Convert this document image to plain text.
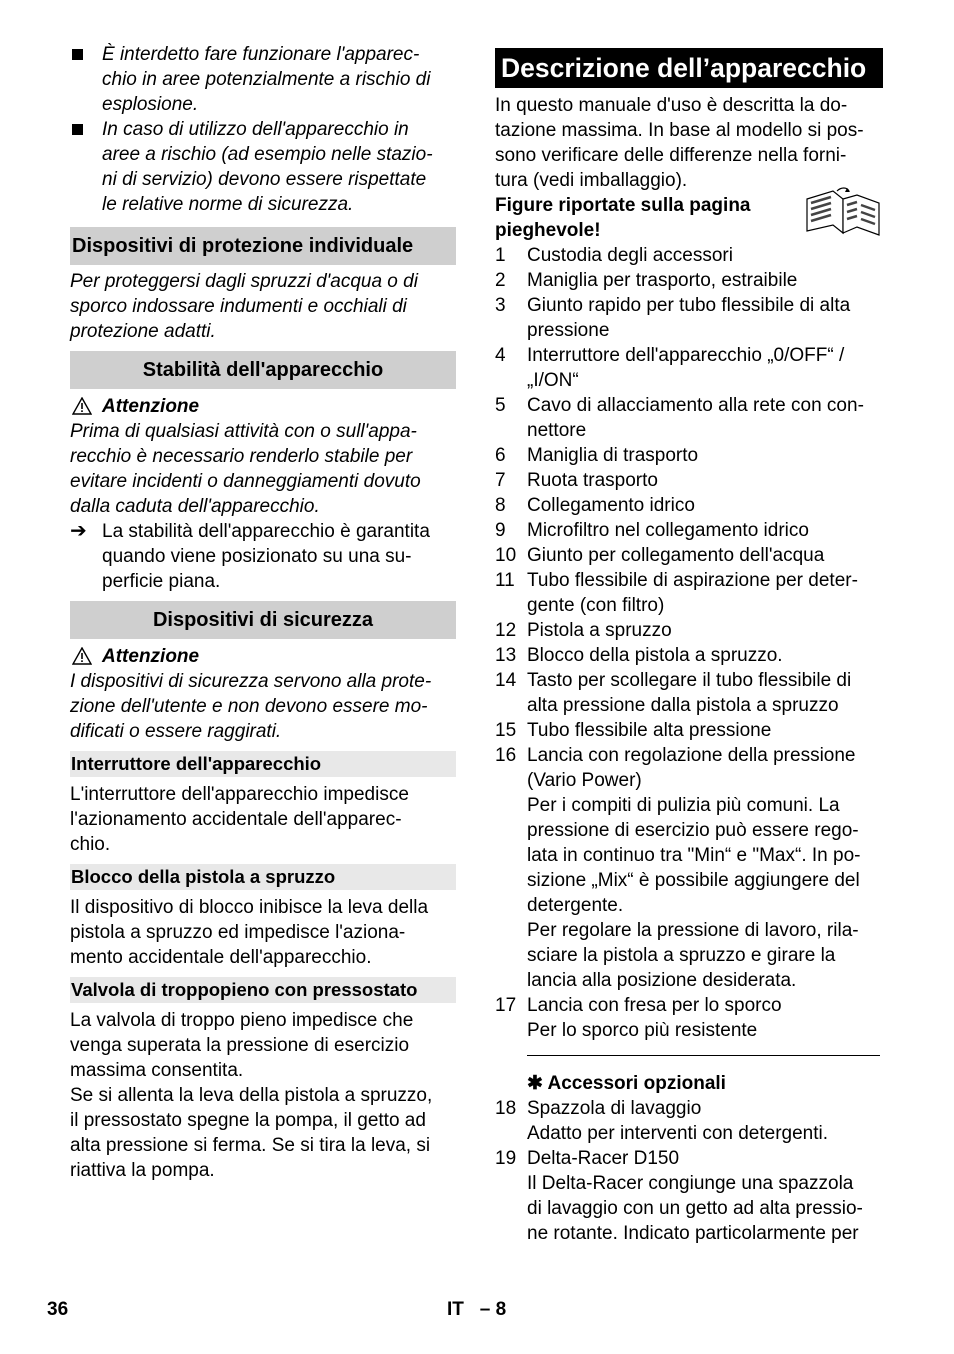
È interdetto fare funzionare l'apparec-
chio in aree potenzialmente a rischio di
esplosione.

In caso di utilizzo dell'apparecchio in
aree a rischio (ad esempio nelle stazio-
ni di servizio) devono essere rispettate
le relative norme di sicurezza.

Dispositivi di protezione individuale

Per proteggersi dagli spruzzi d'acqua o di
sporco indossare indumenti e occhiali di
protezione adatti.

Stabilità dell'apparecchio
Attenzione

Prima di qualsiasi attività con o sull'appa-
recchio è necessario renderlo stabile per
evitare incidenti o danneggiamenti dovuto
dalla caduta dell'apparecchio.

➔ La stabilità dell'apparecchio è garantita
quando viene posizionato su una su-
perficie piana.

Dispositivi di sicurezza
Attenzione

I dispositivi di sicurezza servono alla prote-
zione dell'utente e non devono essere mo-
dificati o essere raggirati.

Interruttore dell'apparecchio

L'interruttore dell'apparecchio impedisce
l'azionamento accidentale dell'apparec-
chio.

Blocco della pistola a spruzzo

Il dispositivo di blocco inibisce la leva della
pistola a spruzzo ed impedisce l'aziona-
mento accidentale dell'apparecchio.

Valvola di troppopieno con pressostato

La valvola di troppo pieno impedisce che
venga superata la pressione di esercizio
massima consentita.

Se si allenta la leva della pistola a spruzzo,
il pressostato spegne la pompa, il getto ad
alta pressione si ferma. Se si tira la leva, si
riattiva la pompa.

Descrizione dell’apparecchio

In questo manuale d'uso è descritta la do-
tazione massima. In base al modello si pos-
sono verificare delle differenze nella forni-
tura (vedi imballaggio).

Figure riportate sulla pagina
pieghevole!

1	Custodia degli accessori
2	Maniglia per trasporto, estraibile
3	Giunto rapido per tubo flessibile di alta
pressione
4	Interruttore dell'apparecchio „0/OFF“ /
„I/ON“
5	Cavo di allacciamento alla rete con con-
nettore
6	Maniglia di trasporto
7	Ruota trasporto
8	Collegamento idrico
9	Microfiltro nel collegamento idrico
10 Giunto per collegamento dell'acqua
11 Tubo flessibile di aspirazione per deter-
gente (con filtro)
12 Pistola a spruzzo
13 Blocco della pistola a spruzzo.
14 Tasto per scollegare il tubo flessibile di
alta pressione dalla pistola a spruzzo
15 Tubo flessibile alta pressione
16 Lancia con regolazione della pressione
(Vario Power)

Per i compiti di pulizia più comuni. La
pressione di esercizio può essere rego-
lata in continuo tra "Min“ e "Max“. In po-
sizione „Mix“ è possibile aggiungere del
detergente.

Per regolare la pressione di lavoro, rila-
sciare la pistola a spruzzo e girare la
lancia alla posizione desiderata.

17 Lancia con fresa per lo sporco

Per lo sporco più resistente

✱ Accessori opzionali
18 Spazzola di lavaggio

Adatto per interventi con detergenti.

19 Delta-Racer D150

Il Delta-Racer congiunge una spazzola
di lavaggio con un getto ad alta pressio-
ne rotante. Indicato particolarmente per

36	IT   – 8
